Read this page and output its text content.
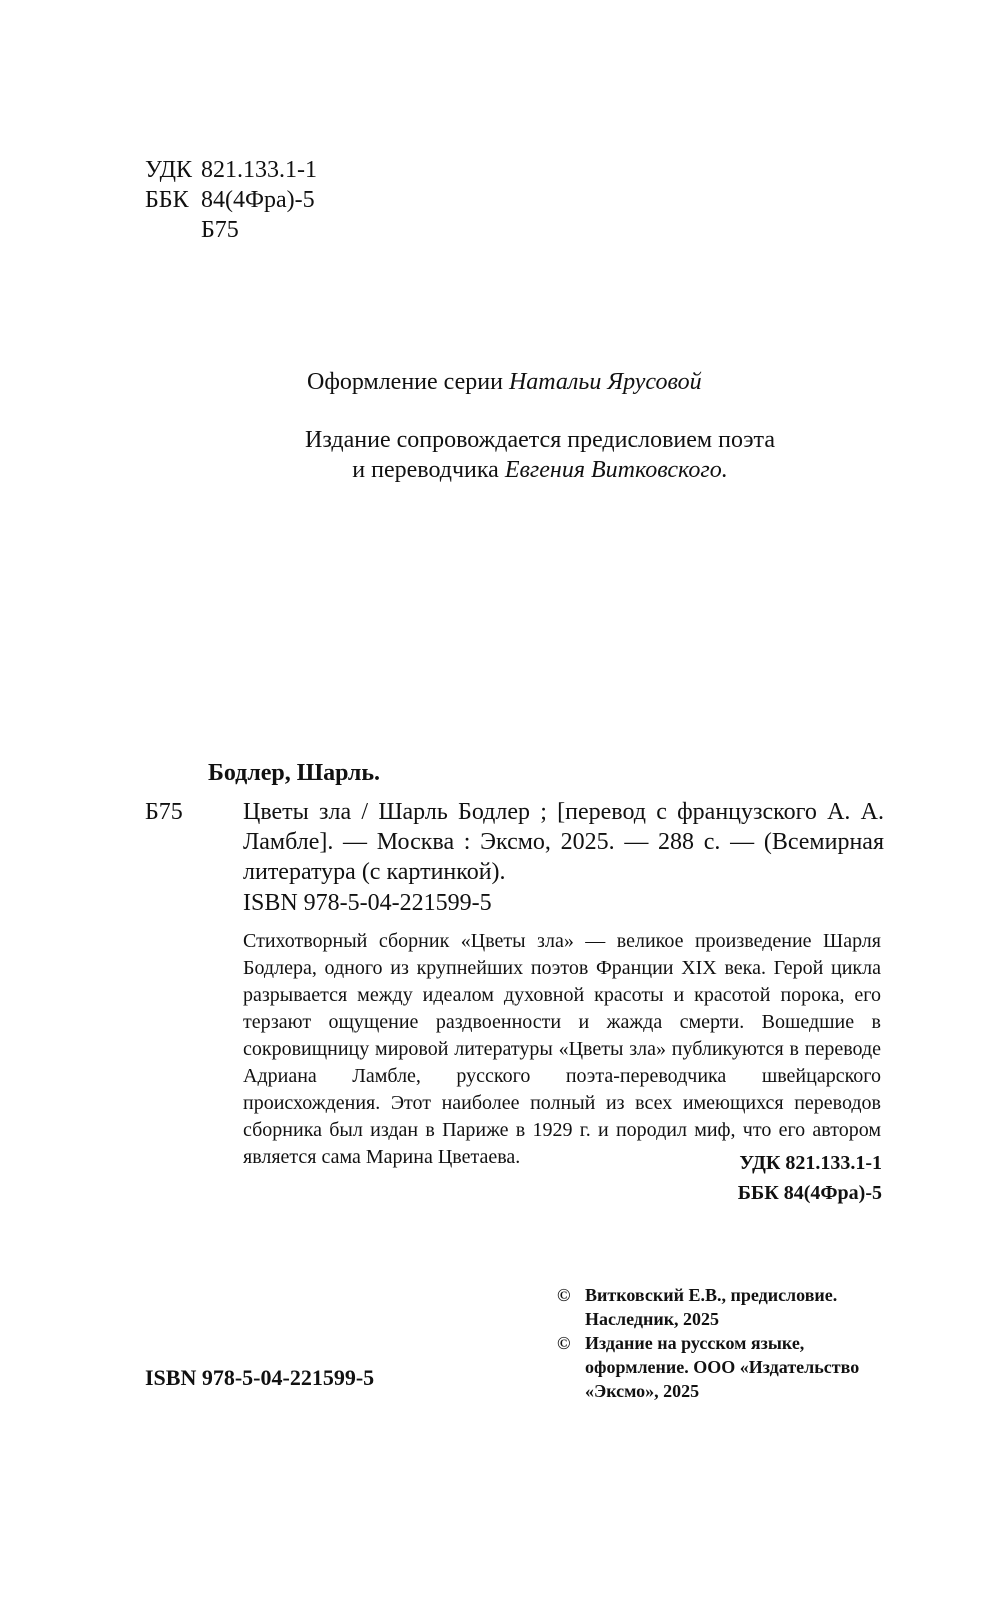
УДК 821.133.1-1
ББК 84(4Фра)-5
Б75

Оформление серии Натальи Ярусовой

Издание сопровождается предисловием поэта и переводчика Евгения Витковского.

Бодлер, Шарль.

Б75	Цветы зла / Шарль Бодлер ; [перевод с французского А. А. Ламбле]. — Москва : Эксмо, 2025. — 288 с. — (Всемирная литература (с картинкой).

ISBN 978-5-04-221599-5

Стихотворный сборник «Цветы зла» — великое произведение Шарля Бодлера, одного из крупнейших поэтов Франции XIX века. Герой цикла разрывается между идеалом духовной красоты и красотой порока, его терзают ощущение раздвоенности и жажда смерти. Вошедшие в сокровищницу мировой литературы «Цветы зла» публикуются в переводе Адриана Ламбле, русского поэта-переводчика швейцарского происхождения. Этот наиболее полный из всех имеющихся переводов сборника был издан в Париже в 1929 г. и породил миф, что его автором является сама Марина Цветаева.	УДК 821.133.1-1
ББК 84(4Фра)-5
© Витковский Е.В., предисловие.
Наследник, 2025
© Издание на русском языке,
оформление. ООО «Издательство
«Эксмо», 2025

ISBN 978-5-04-221599-5
